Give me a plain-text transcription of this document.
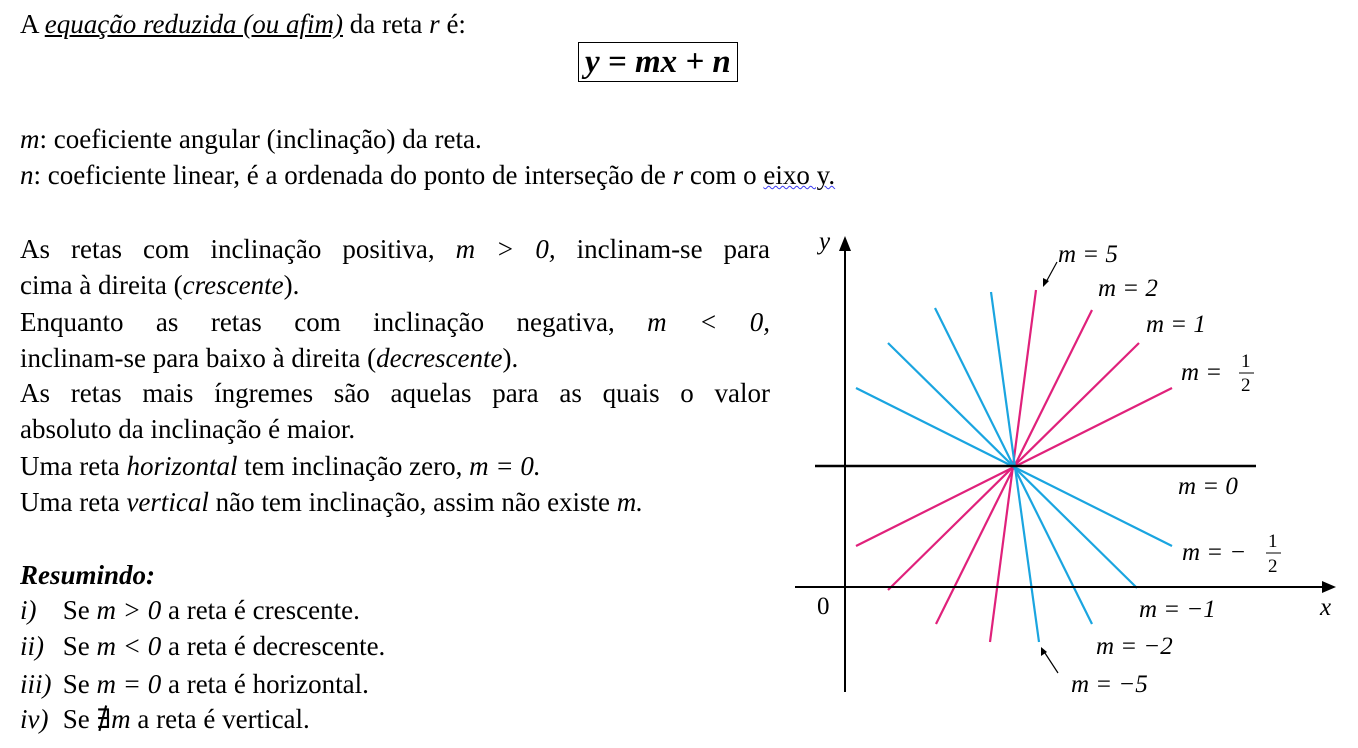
A equação reduzida (ou afim) da reta r é:
y = mx + n
m: coeficiente angular (inclinação) da reta.
n: coeficiente linear, é a ordenada do ponto de interseção de r com o eixo y.
As retas com inclinação positiva, m > 0, inclinam-se para
cima à direita (crescente).
Enquanto as retas com inclinação negativa, m < 0,
inclinam-se para baixo à direita (decrescente).
As retas mais íngremes são aquelas para as quais o valor
absoluto da inclinação é maior.
Uma reta horizontal tem inclinação zero, m = 0.
Uma reta vertical não tem inclinação, assim não existe m.
Resumindo:
i) Se m > 0 a reta é crescente.
ii) Se m < 0 a reta é decrescente.
iii) Se m = 0 a reta é horizontal.
iv) Se ∄m a reta é vertical.
y
x
0
m = 5
m = 2
m = 1
m = 1
2
m = 0
m = − 1
2
m = −1
m = −2
m = −5
